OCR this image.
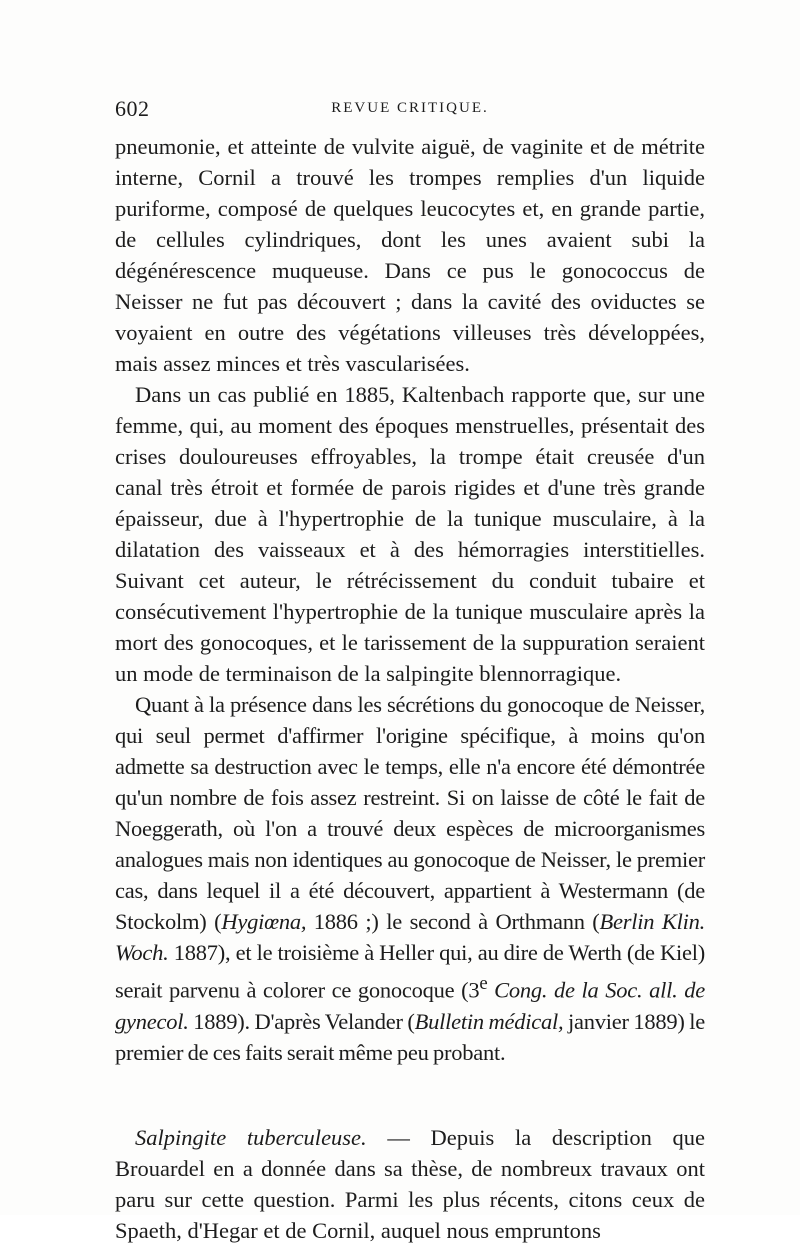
602	REVUE CRITIQUE.

pneumonie, et atteinte de vulvite aiguë, de vaginite et de métrite interne, Cornil a trouvé les trompes remplies d'un liquide puriforme, composé de quelques leucocytes et, en grande partie, de cellules cylindriques, dont les unes avaient subi la dégénérescence muqueuse. Dans ce pus le gonococcus de Neisser ne fut pas découvert ; dans la cavité des oviductes se voyaient en outre des végétations villeuses très développées, mais assez minces et très vascularisées.

Dans un cas publié en 1885, Kaltenbach rapporte que, sur une femme, qui, au moment des époques menstruelles, présentait des crises douloureuses effroyables, la trompe était creusée d'un canal très étroit et formée de parois rigides et d'une très grande épaisseur, due à l'hypertrophie de la tunique musculaire, à la dilatation des vaisseaux et à des hémorragies interstitielles. Suivant cet auteur, le rétrécissement du conduit tubaire et consécutivement l'hypertrophie de la tunique musculaire après la mort des gonocoques, et le tarissement de la suppuration seraient un mode de terminaison de la salpingite blennorragique.

Quant à la présence dans les sécrétions du gonocoque de Neisser, qui seul permet d'affirmer l'origine spécifique, à moins qu'on admette sa destruction avec le temps, elle n'a encore été démontrée qu'un nombre de fois assez restreint. Si on laisse de côté le fait de Noeggerath, où l'on a trouvé deux espèces de microorganismes analogues mais non identiques au gonocoque de Neisser, le premier cas, dans lequel il a été découvert, appartient à Westermann (de Stockolm) (Hygiœna, 1886 ;) le second à Orthmann (Berlin Klin. Woch. 1887), et le troisième à Heller qui, au dire de Werth (de Kiel) serait parvenu à colorer ce gonocoque (3e Cong. de la Soc. all. de gynecol. 1889). D'après Velander (Bulletin médical, janvier 1889) le premier de ces faits serait même peu probant.

Salpingite tuberculeuse. — Depuis la description que Brouardel en a donnée dans sa thèse, de nombreux travaux ont paru sur cette question. Parmi les plus récents, citons ceux de Spaeth, d'Hegar et de Cornil, auquel nous empruntons
